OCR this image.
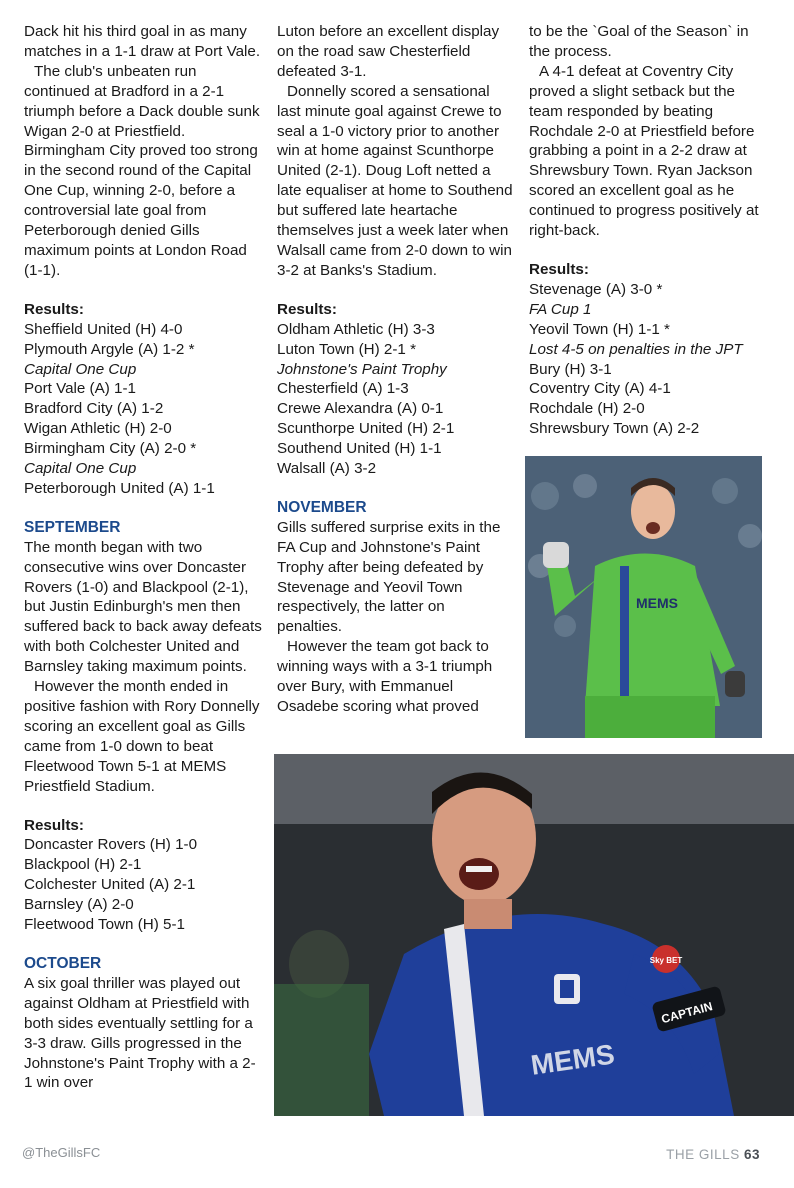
Dack hit his third goal in as many matches in a 1-1 draw at Port Vale.

The club's unbeaten run continued at Bradford in a 2-1 triumph before a Dack double sunk Wigan 2-0 at Priestfield. Birmingham City proved too strong in the second round of the Capital One Cup, winning 2-0, before a controversial late goal from Peterborough denied Gills maximum points at London Road (1-1).

Results:

Sheffield United (H) 4-0

Plymouth Argyle (A) 1-2 *

Capital One Cup

Port Vale (A) 1-1

Bradford City (A) 1-2

Wigan Athletic (H) 2-0

Birmingham City (A) 2-0 *

Capital One Cup

Peterborough United (A) 1-1

SEPTEMBER

The month began with two consecutive wins over Doncaster Rovers (1-0) and Blackpool (2-1), but Justin Edinburgh's men then suffered back to back away defeats with both Colchester United and Barnsley taking maximum points.

However the month ended in positive fashion with Rory Donnelly scoring an excellent goal as Gills came from 1-0 down to beat Fleetwood Town 5-1 at MEMS Priestfield Stadium.

Results:

Doncaster Rovers (H) 1-0

Blackpool (H) 2-1

Colchester United (A) 2-1

Barnsley (A) 2-0

Fleetwood Town (H) 5-1

OCTOBER

A six goal thriller was played out against Oldham at Priestfield with both sides eventually settling for a 3-3 draw. Gills progressed in the Johnstone's Paint Trophy with a 2-1 win over

Luton before an excellent display on the road saw Chesterfield defeated 3-1.

Donnelly scored a sensational last minute goal against Crewe to seal a 1-0 victory prior to another win at home against Scunthorpe United (2-1). Doug Loft netted a late equaliser at home to Southend but suffered late heartache themselves just a week later when Walsall came from 2-0 down to win 3-2 at Banks's Stadium.

Results:

Oldham Athletic (H) 3-3

Luton Town (H) 2-1 *

Johnstone's Paint Trophy

Chesterfield (A) 1-3

Crewe Alexandra (A) 0-1

Scunthorpe United (H) 2-1

Southend United (H) 1-1

Walsall (A) 3-2

NOVEMBER

Gills suffered surprise exits in the FA Cup and Johnstone's Paint Trophy after being defeated by Stevenage and Yeovil Town respectively, the latter on penalties.

However the team got back to winning ways with a 3-1 triumph over Bury, with Emmanuel Osadebe scoring what proved

to be the `Goal of the Season` in the process.

A 4-1 defeat at Coventry City proved a slight setback but the team responded by beating Rochdale 2-0 at Priestfield before grabbing a point in a 2-2 draw at Shrewsbury Town. Ryan Jackson scored an excellent goal as he continued to progress positively at right-back.

Results:

Stevenage (A) 3-0 *

FA Cup 1

Yeovil Town (H) 1-1 *

Lost 4-5 on penalties in the JPT

Bury (H) 3-1

Coventry City (A) 4-1

Rochdale (H) 2-0

Shrewsbury Town (A) 2-2

MEMS
CAPTAIN
Sky BET
MEMS
@TheGillsFC	THE GILLS 63
